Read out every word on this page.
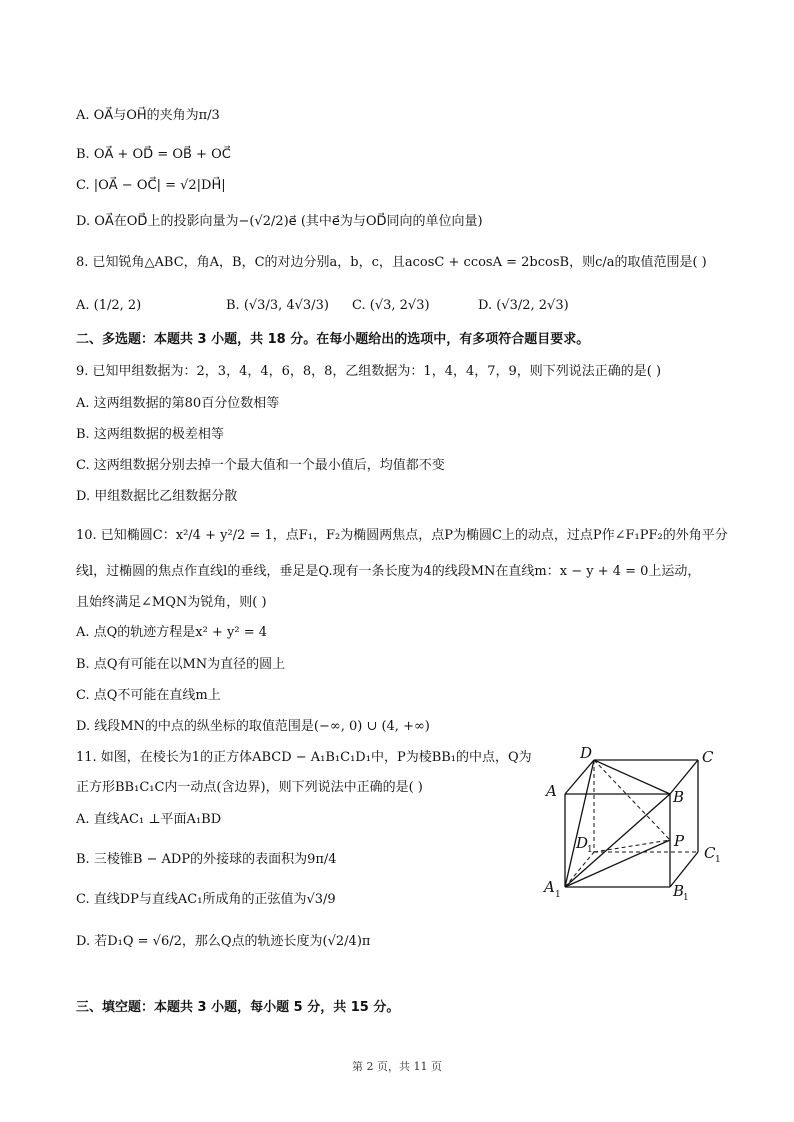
A. OA⃗与OH⃗的夹角为π/3
B. OA⃗ + OD⃗ = OB⃗ + OC⃗
C. |OA⃗ − OC⃗| = √2|DH⃗|
D. OA⃗在OD⃗上的投影向量为−(√2/2)e⃗ (其中e⃗为与OD⃗同向的单位向量)
8. 已知锐角△ABC，角A，B，C的对边分别a，b，c，且acosC + ccosA = 2bcosB，则c/a的取值范围是( )
A. (1/2, 2)	B. (√3/3, 4√3/3) C. (√3, 2√3)	D. (√3/2, 2√3)
二、多选题：本题共 3 小题，共 18 分。在每小题给出的选项中，有多项符合题目要求。
9. 已知甲组数据为：2，3，4，4，6，8，8，乙组数据为：1，4，4，7，9，则下列说法正确的是( )
A. 这两组数据的第80百分位数相等
B. 这两组数据的极差相等
C. 这两组数据分别去掉一个最大值和一个最小值后，均值都不变
D. 甲组数据比乙组数据分散
10. 已知椭圆C：x²/4 + y²/2 = 1，点F₁，F₂为椭圆两焦点，点P为椭圆C上的动点，过点P作∠F₁PF₂的外角平分
线l，过椭圆的焦点作直线l的垂线，垂足是Q.现有一条长度为4的线段MN在直线m：x − y + 4 = 0上运动，
且始终满足∠MQN为锐角，则( )
A. 点Q的轨迹方程是x² + y² = 4
B. 点Q有可能在以MN为直径的圆上
C. 点Q不可能在直线m上
D. 线段MN的中点的纵坐标的取值范围是(−∞, 0) ∪ (4, +∞)
11. 如图，在棱长为1的正方体ABCD − A₁B₁C₁D₁中，P为棱BB₁的中点，Q为
正方形BB₁C₁C内一动点(含边界)，则下列说法中正确的是( )
A. 直线AC₁ ⊥平面A₁BD
B. 三棱锥B − ADP的外接球的表面积为9π/4
C. 直线DP与直线AC₁所成角的正弦值为√3/9
D. 若D₁Q = √6/2，那么Q点的轨迹长度为(√2/4)π
D	C
A	B
P
D
1	C 1
A 1	B
1
三、填空题：本题共 3 小题，每小题 5 分，共 15 分。
第 2 页，共 11 页
